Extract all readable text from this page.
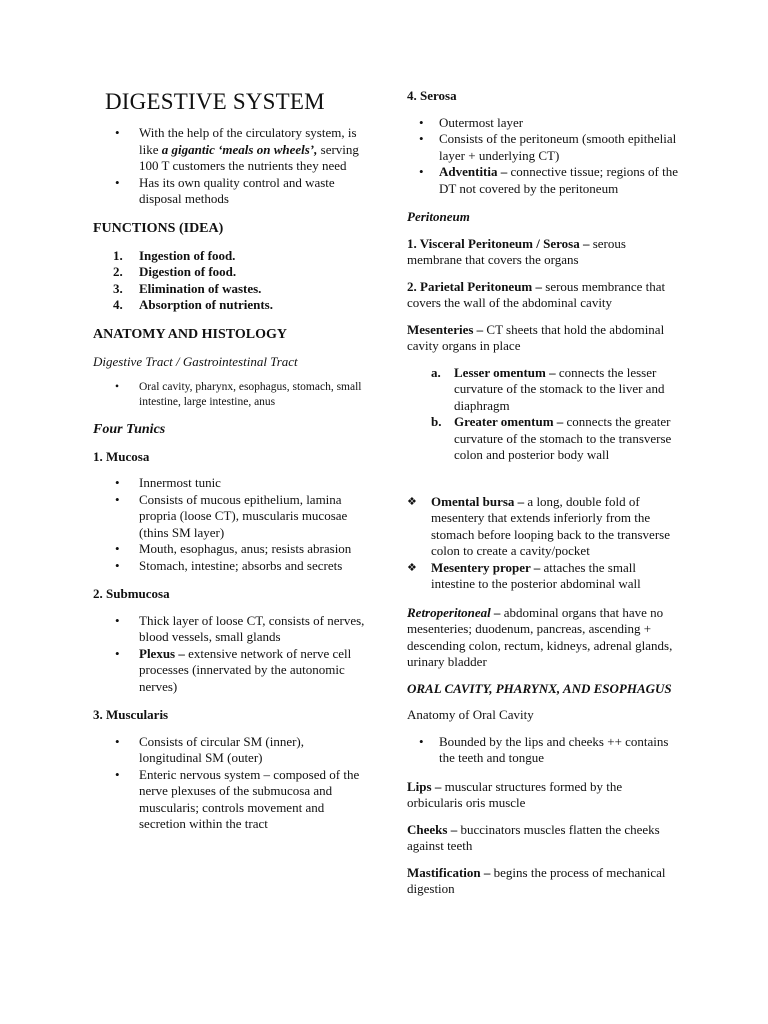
DIGESTIVE SYSTEM
• With the help of the circulatory system, is like a gigantic ‘meals on wheels’, serving 100 T customers the nutrients they need
• Has its own quality control and waste disposal methods
FUNCTIONS (IDEA)
1. Ingestion of food.
2. Digestion of food.
3. Elimination of wastes.
4. Absorption of nutrients.
ANATOMY AND HISTOLOGY
Digestive Tract / Gastrointestinal Tract
• Oral cavity, pharynx, esophagus, stomach, small intestine, large intestine, anus
Four Tunics
1. Mucosa
• Innermost tunic
• Consists of mucous epithelium, lamina propria (loose CT), muscularis mucosae (thins SM layer)
• Mouth, esophagus, anus; resists abrasion
• Stomach, intestine; absorbs and secrets
2. Submucosa
• Thick layer of loose CT, consists of nerves, blood vessels, small glands
• Plexus – extensive network of nerve cell processes (innervated by the autonomic nerves)
3. Muscularis
• Consists of circular SM (inner), longitudinal SM (outer)
• Enteric nervous system – composed of the nerve plexuses of the submucosa and muscularis; controls movement and secretion within the tract
4. Serosa
• Outermost layer
• Consists of the peritoneum (smooth epithelial layer + underlying CT)
• Adventitia – connective tissue; regions of the DT not covered by the peritoneum
Peritoneum
1. Visceral Peritoneum / Serosa – serous membrane that covers the organs
2. Parietal Peritoneum – serous membrance that covers the wall of the abdominal cavity
Mesenteries – CT sheets that hold the abdominal cavity organs in place
a. Lesser omentum – connects the lesser curvature of the stomack to the liver and diaphragm
b. Greater omentum – connects the greater curvature of the stomach to the transverse colon and posterior body wall
❖ Omental bursa – a long, double fold of mesentery that extends inferiorly from the stomach before looping back to the transverse colon to create a cavity/pocket
❖ Mesentery proper – attaches the small intestine to the posterior abdominal wall
Retroperitoneal – abdominal organs that have no mesenteries; duodenum, pancreas, ascending + descending colon, rectum, kidneys, adrenal glands, urinary bladder
ORAL CAVITY, PHARYNX, AND ESOPHAGUS
Anatomy of Oral Cavity
• Bounded by the lips and cheeks ++ contains the teeth and tongue
Lips – muscular structures formed by the orbicularis oris muscle
Cheeks – buccinators muscles flatten the cheeks against teeth
Mastification – begins the process of mechanical digestion
